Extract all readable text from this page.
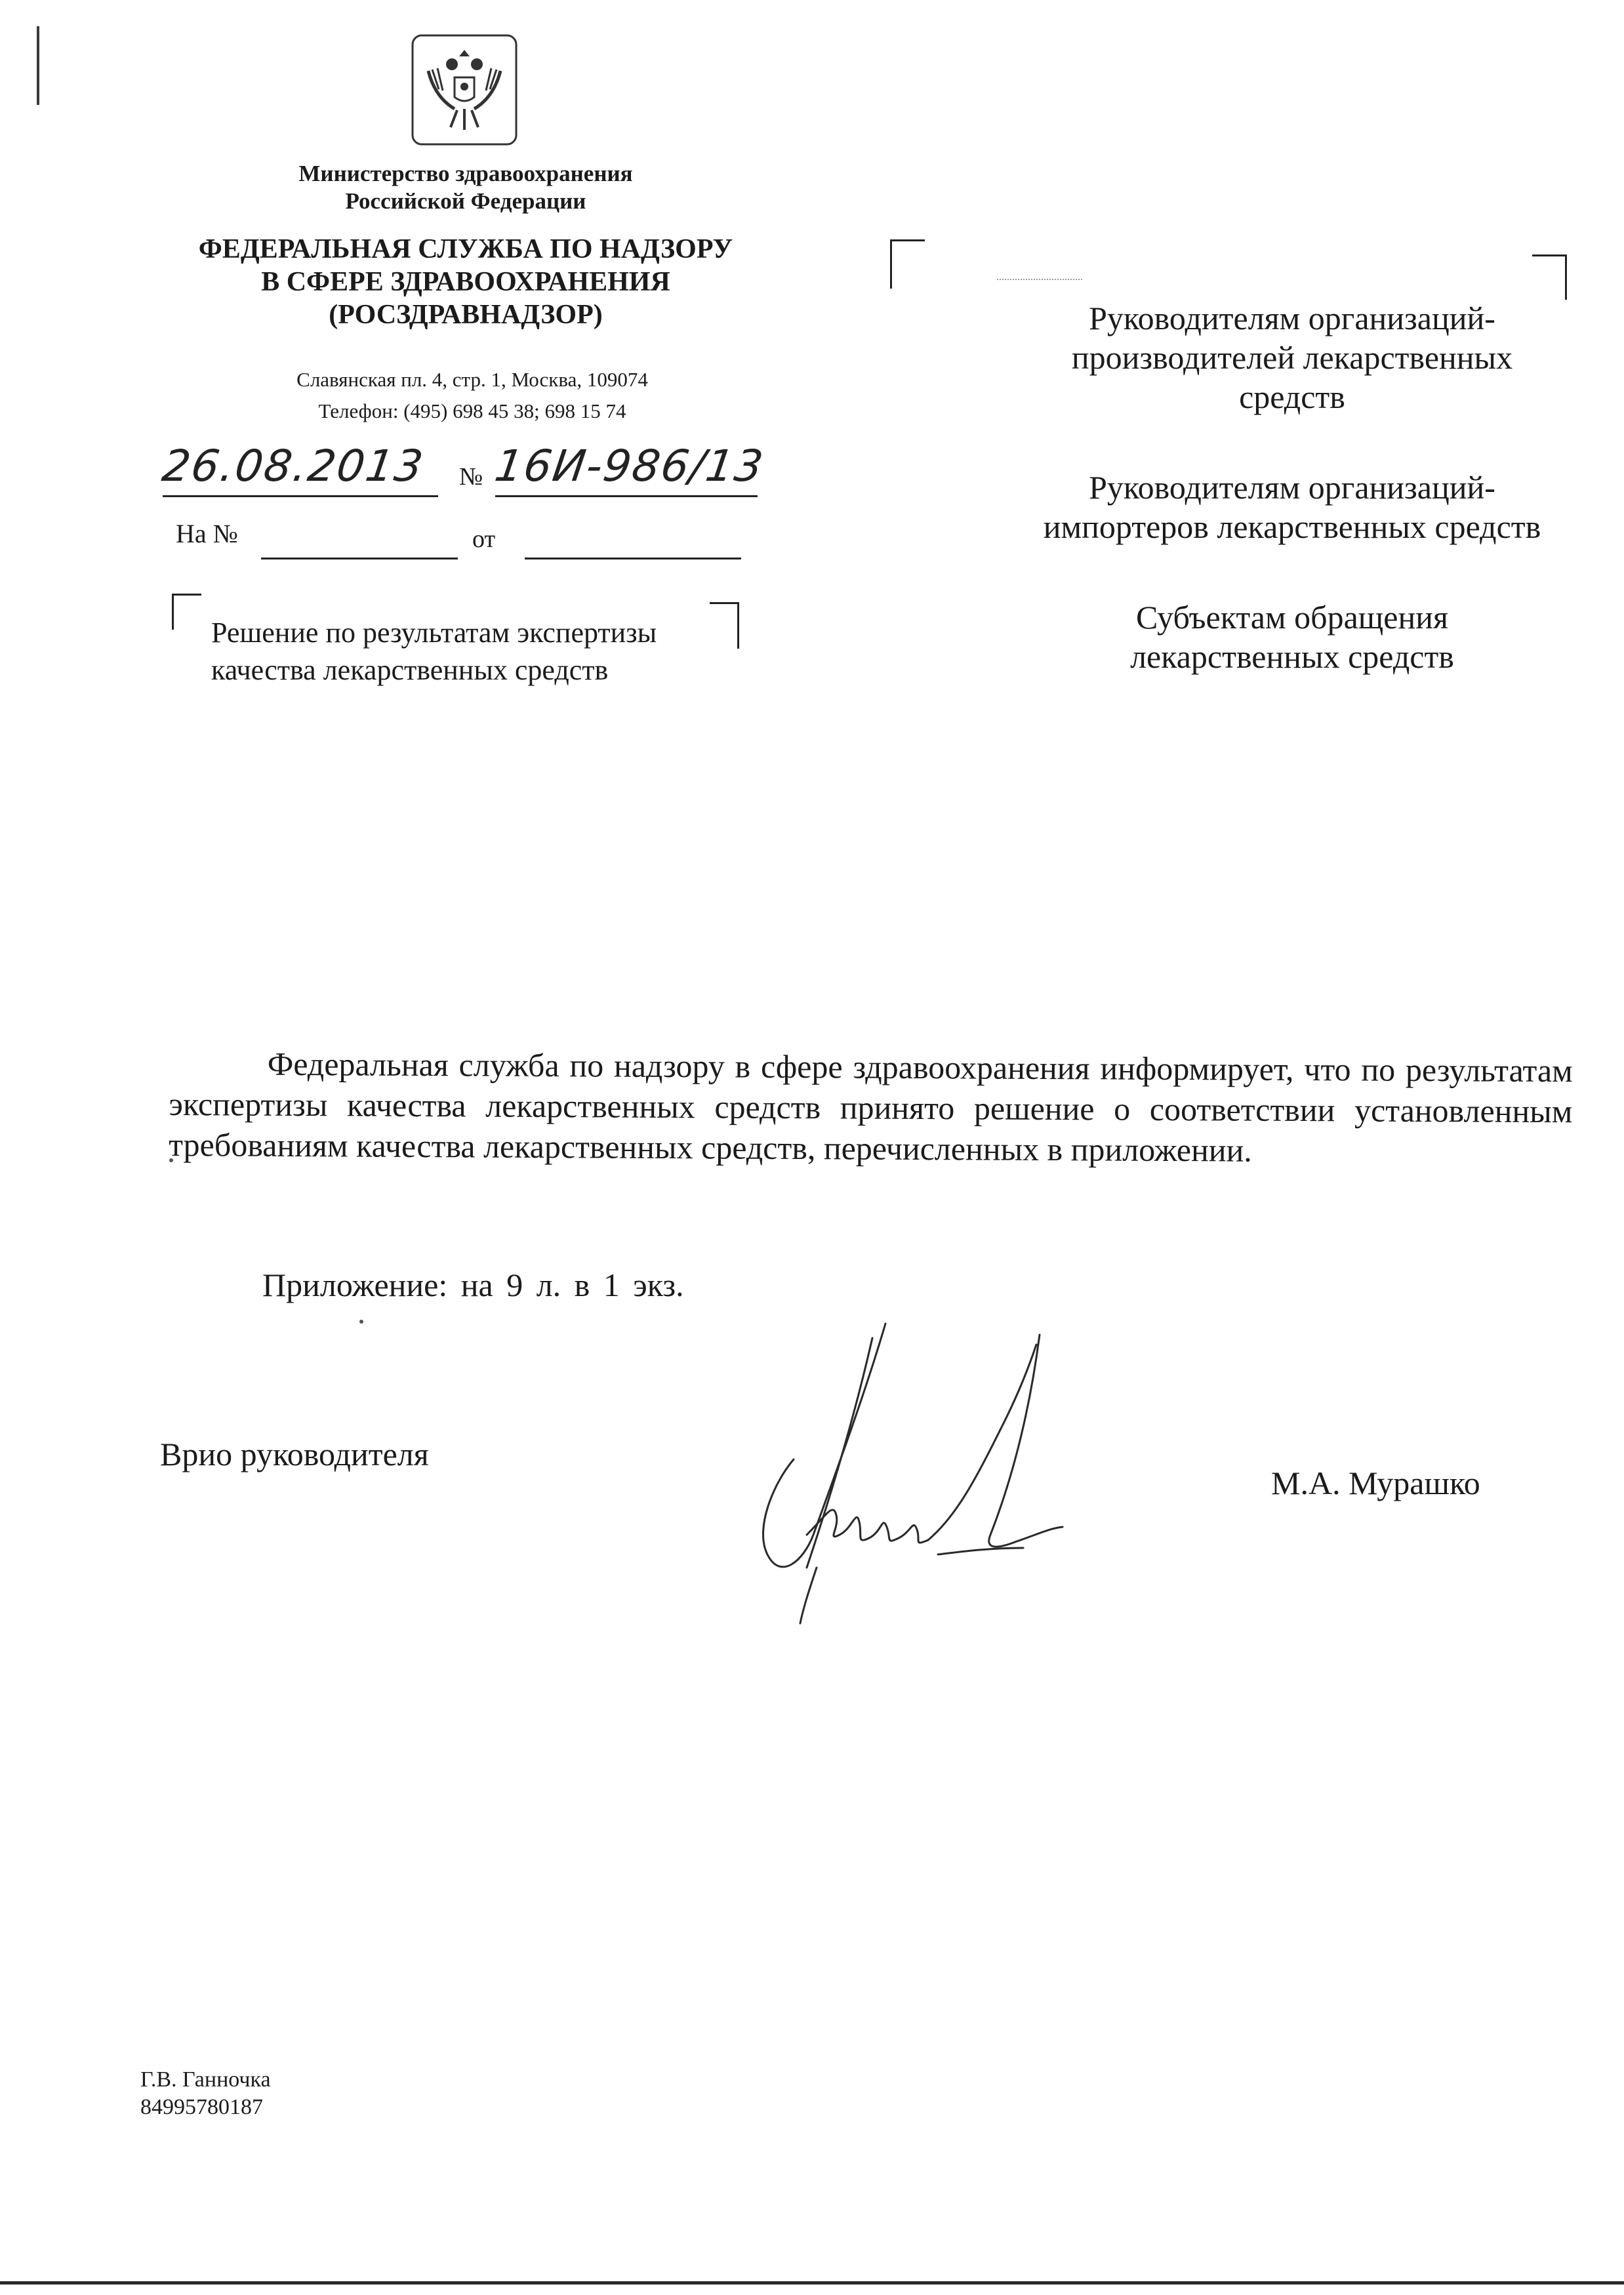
Министерство здравоохранения
Российской Федерации
ФЕДЕРАЛЬНАЯ СЛУЖБА ПО НАДЗОРУ
В СФЕРЕ ЗДРАВООХРАНЕНИЯ
(РОСЗДРАВНАДЗОР)
Славянская пл. 4, стр. 1, Москва, 109074
Телефон: (495) 698 45 38; 698 15 74
26.08.2013 № 16И-986/13
На №	от
Решение по результатам экспертизы
качества лекарственных средств

Руководителям организаций-
производителей лекарственных
средств

Руководителям организаций-
импортеров лекарственных средств

Субъектам обращения
лекарственных средств

Федеральная служба по надзору в сфере здравоохранения информирует, что по результатам экспертизы качества лекарственных средств принято решение о соответствии установленным требованиям качества лекарственных средств, перечисленных в приложении.
Приложение: на 9 л. в 1 экз.
Врио руководителя
М.А. Мурашко
Г.В. Ганночка
84995780187
